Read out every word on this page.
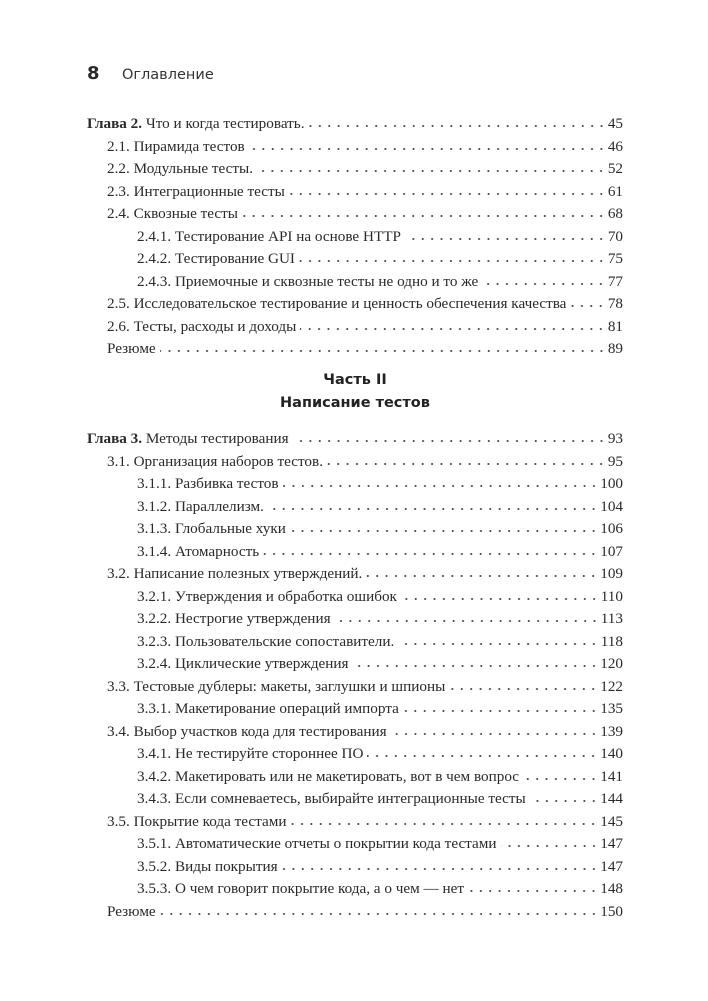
8	Оглавление
Глава 2. Что и когда тестировать.	45
2.1. Пирамида тестов	46
2.2. Модульные тесты.	52
2.3. Интеграционные тесты	61
2.4. Сквозные тесты	68
2.4.1. Тестирование API на основе HTTP	70
2.4.2. Тестирование GUI	75
2.4.3. Приемочные и сквозные тесты не одно и то же	77
2.5. Исследовательское тестирование и ценность обеспечения качества	78
2.6. Тесты, расходы и доходы	81
Резюме	89
Часть II
Написание тестов
Глава 3. Методы тестирования	93
3.1. Организация наборов тестов.	95
3.1.1. Разбивка тестов	100
3.1.2. Параллелизм.	104
3.1.3. Глобальные хуки	106
3.1.4. Атомарность	107
3.2. Написание полезных утверждений.	109
3.2.1. Утверждения и обработка ошибок	110
3.2.2. Нестрогие утверждения	113
3.2.3. Пользовательские сопоставители.	118
3.2.4. Циклические утверждения	120
3.3. Тестовые дублеры: макеты, заглушки и шпионы	122
3.3.1. Макетирование операций импорта	135
3.4. Выбор участков кода для тестирования	139
3.4.1. Не тестируйте стороннее ПО	140
3.4.2. Макетировать или не макетировать, вот в чем вопрос	141
3.4.3. Если сомневаетесь, выбирайте интеграционные тесты	144
3.5. Покрытие кода тестами	145
3.5.1. Автоматические отчеты о покрытии кода тестами	147
3.5.2. Виды покрытия	147
3.5.3. О чем говорит покрытие кода, а о чем — нет	148
Резюме	150
